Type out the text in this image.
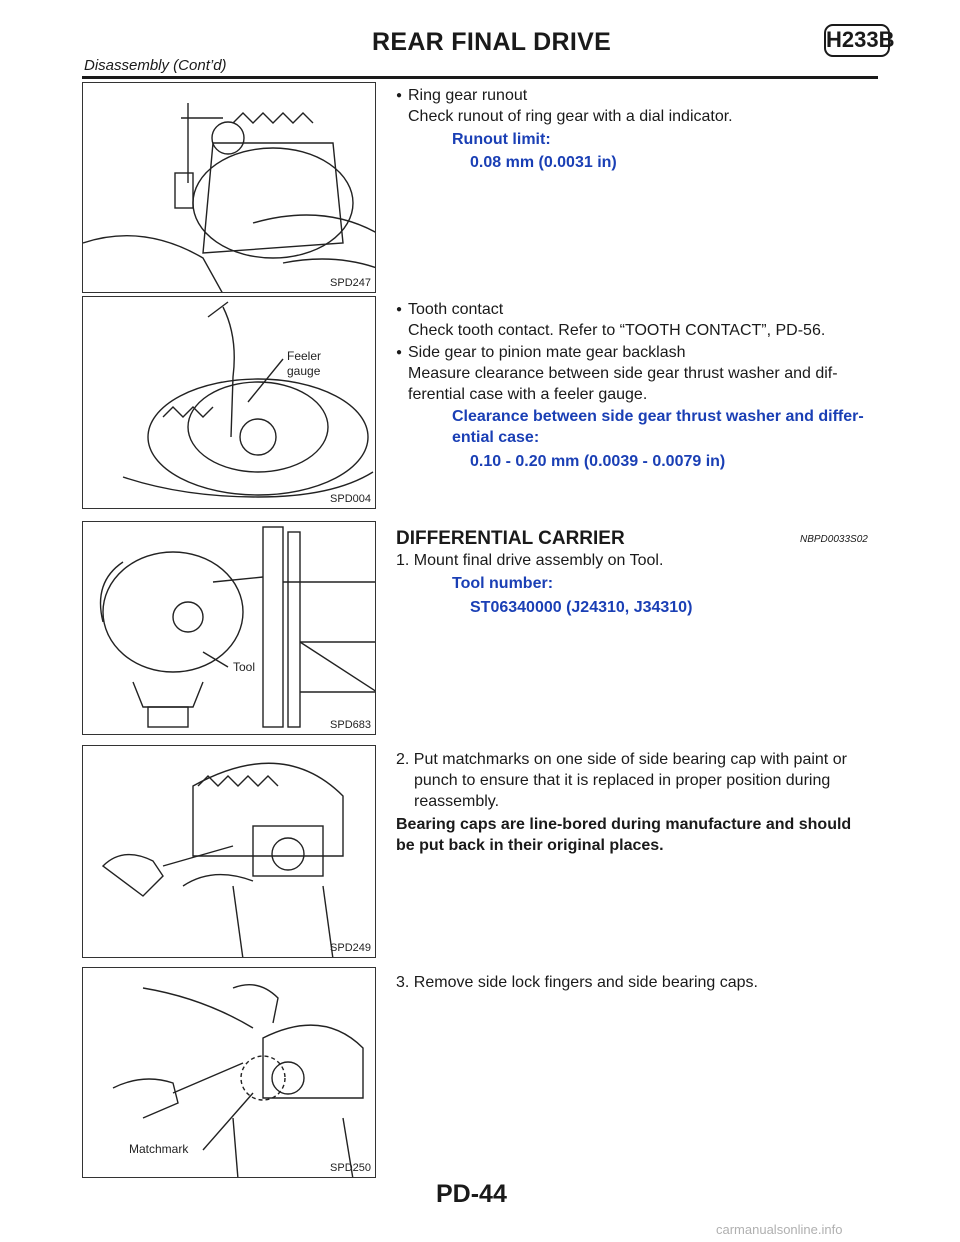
REAR FINAL DRIVE	H233B
Disassembly (Cont’d)
SPD247
Feeler
gauge
SPD004
Tool
SPD683
SPD249
Matchmark
SPD250
● Ring gear runout
Check runout of ring gear with a dial indicator.
Runout limit:
0.08 mm (0.0031 in)
● Tooth contact
Check tooth contact. Refer to “TOOTH CONTACT”, PD-56.
● Side gear to pinion mate gear backlash
Measure clearance between side gear thrust washer and dif-
ferential case with a feeler gauge.
Clearance between side gear thrust washer and differ-
ential case:
0.10 - 0.20 mm (0.0039 - 0.0079 in)
DIFFERENTIAL CARRIER	NBPD0033S02
1. Mount final drive assembly on Tool.
Tool number:
ST06340000 (J24310, J34310)
2. Put matchmarks on one side of side bearing cap with paint or
punch to ensure that it is replaced in proper position during
reassembly.
Bearing caps are line-bored during manufacture and should
be put back in their original places.
3. Remove side lock fingers and side bearing caps.
PD-44
carmanualsonline.info
